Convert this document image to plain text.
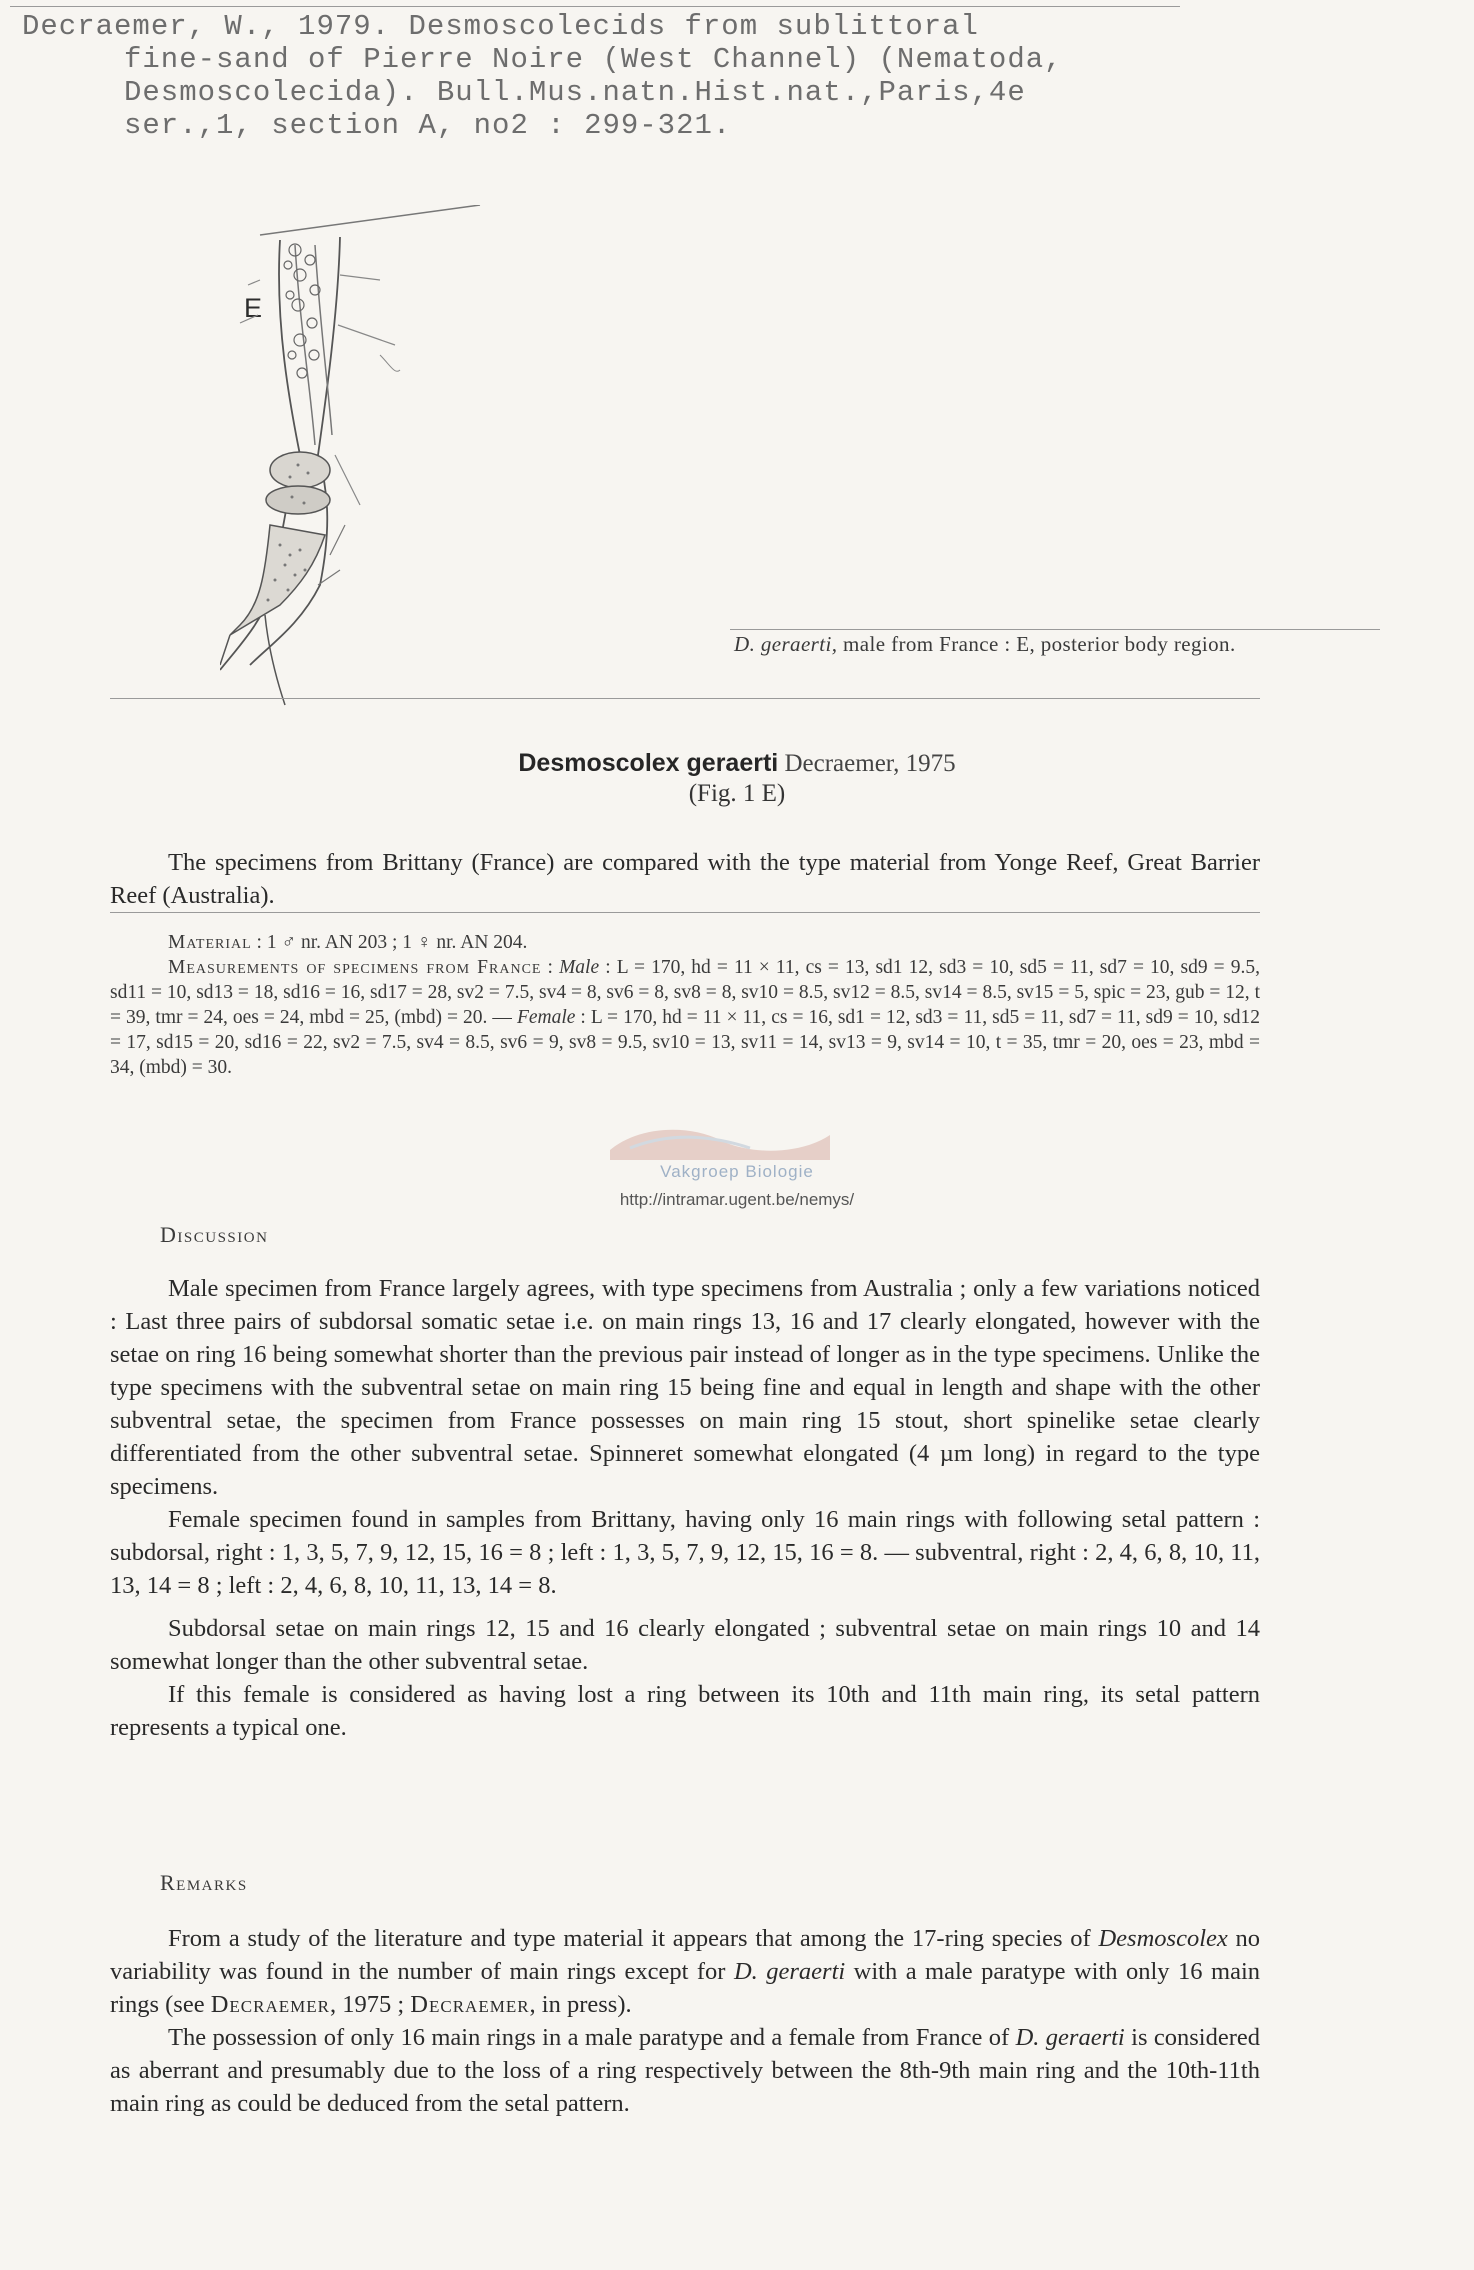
Decraemer, W., 1979. Desmoscolecids from sublittoral
fine-sand of Pierre Noire (West Channel) (Nematoda,
Desmoscolecida). Bull.Mus.natn.Hist.nat.,Paris,4e
ser.,1, section A, no2 : 299-321.
E
D. geraerti, male from France : E, posterior body region.
Desmoscolex geraerti Decraemer, 1975
(Fig. 1 E)
The specimens from Brittany (France) are compared with the type material from Yonge Reef, Great Barrier Reef (Australia).
Material : 1 ♂ nr. AN 203 ; 1 ♀ nr. AN 204.
Measurements of specimens from France : Male : L = 170, hd = 11 × 11, cs = 13, sd1 12, sd3 = 10, sd5 = 11, sd7 = 10, sd9 = 9.5, sd11 = 10, sd13 = 18, sd16 = 16, sd17 = 28, sv2 = 7.5, sv4 = 8, sv6 = 8, sv8 = 8, sv10 = 8.5, sv12 = 8.5, sv14 = 8.5, sv15 = 5, spic = 23, gub = 12, t = 39, tmr = 24, oes = 24, mbd = 25, (mbd) = 20. — Female : L = 170, hd = 11 × 11, cs = 16, sd1 = 12, sd3 = 11, sd5 = 11, sd7 = 11, sd9 = 10, sd12 = 17, sd15 = 20, sd16 = 22, sv2 = 7.5, sv4 = 8.5, sv6 = 9, sv8 = 9.5, sv10 = 13, sv11 = 14, sv13 = 9, sv14 = 10, t = 35, tmr = 20, oes = 23, mbd = 34, (mbd) = 30.
Vakgroep Biologie
http://intramar.ugent.be/nemys/
Discussion
Male specimen from France largely agrees, with type specimens from Australia ; only a few variations noticed : Last three pairs of subdorsal somatic setae i.e. on main rings 13, 16 and 17 clearly elongated, however with the setae on ring 16 being somewhat shorter than the previous pair instead of longer as in the type specimens. Unlike the type specimens with the subventral setae on main ring 15 being fine and equal in length and shape with the other subventral setae, the specimen from France possesses on main ring 15 stout, short spinelike setae clearly differentiated from the other subventral setae. Spinneret somewhat elongated (4 µm long) in regard to the type specimens.
Female specimen found in samples from Brittany, having only 16 main rings with following setal pattern : subdorsal, right : 1, 3, 5, 7, 9, 12, 15, 16 = 8 ; left : 1, 3, 5, 7, 9, 12, 15, 16 = 8. — subventral, right : 2, 4, 6, 8, 10, 11, 13, 14 = 8 ; left : 2, 4, 6, 8, 10, 11, 13, 14 = 8.
Subdorsal setae on main rings 12, 15 and 16 clearly elongated ; subventral setae on main rings 10 and 14 somewhat longer than the other subventral setae.
If this female is considered as having lost a ring between its 10th and 11th main ring, its setal pattern represents a typical one.
Remarks
From a study of the literature and type material it appears that among the 17-ring species of Desmoscolex no variability was found in the number of main rings except for D. geraerti with a male paratype with only 16 main rings (see Decraemer, 1975 ; Decraemer, in press).
The possession of only 16 main rings in a male paratype and a female from France of D. geraerti is considered as aberrant and presumably due to the loss of a ring respectively between the 8th-9th main ring and the 10th-11th main ring as could be deduced from the setal pattern.
